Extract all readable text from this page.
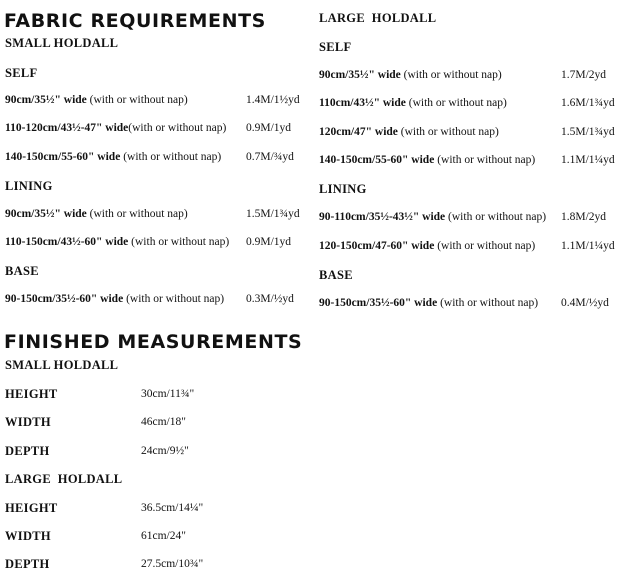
FABRIC REQUIREMENTS
SMALL HOLDALL
SELF
90cm/35½" wide (with or without nap)	1.4M/1½yd
110-120cm/43½-47" wide(with or without nap) 0.9M/1yd
140-150cm/55-60" wide (with or without nap) 0.7M/¾yd
LINING
90cm/35½" wide (with or without nap)	1.5M/1¾yd
110-150cm/43½-60" wide (with or without nap) 0.9M/1yd
BASE
90-150cm/35½-60" wide (with or without nap) 0.3M/½yd
LARGE  HOLDALL
SELF
90cm/35½" wide (with or without nap)	1.7M/2yd
110cm/43½" wide (with or without nap)	1.6M/1¾yd
120cm/47" wide (with or without nap)	1.5M/1¾yd
140-150cm/55-60" wide (with or without nap) 1.1M/1¼yd
LINING
90-110cm/35½-43½" wide (with or without nap) 1.8M/2yd
120-150cm/47-60" wide (with or without nap) 1.1M/1¼yd
BASE
90-150cm/35½-60" wide (with or without nap) 0.4M/½yd
FINISHED MEASUREMENTS
SMALL HOLDALL
HEIGHT	30cm/11¾"
WIDTH	46cm/18"
DEPTH	24cm/9½"
LARGE  HOLDALL
HEIGHT	36.5cm/14¼"
WIDTH	61cm/24"
DEPTH	27.5cm/10¾"
